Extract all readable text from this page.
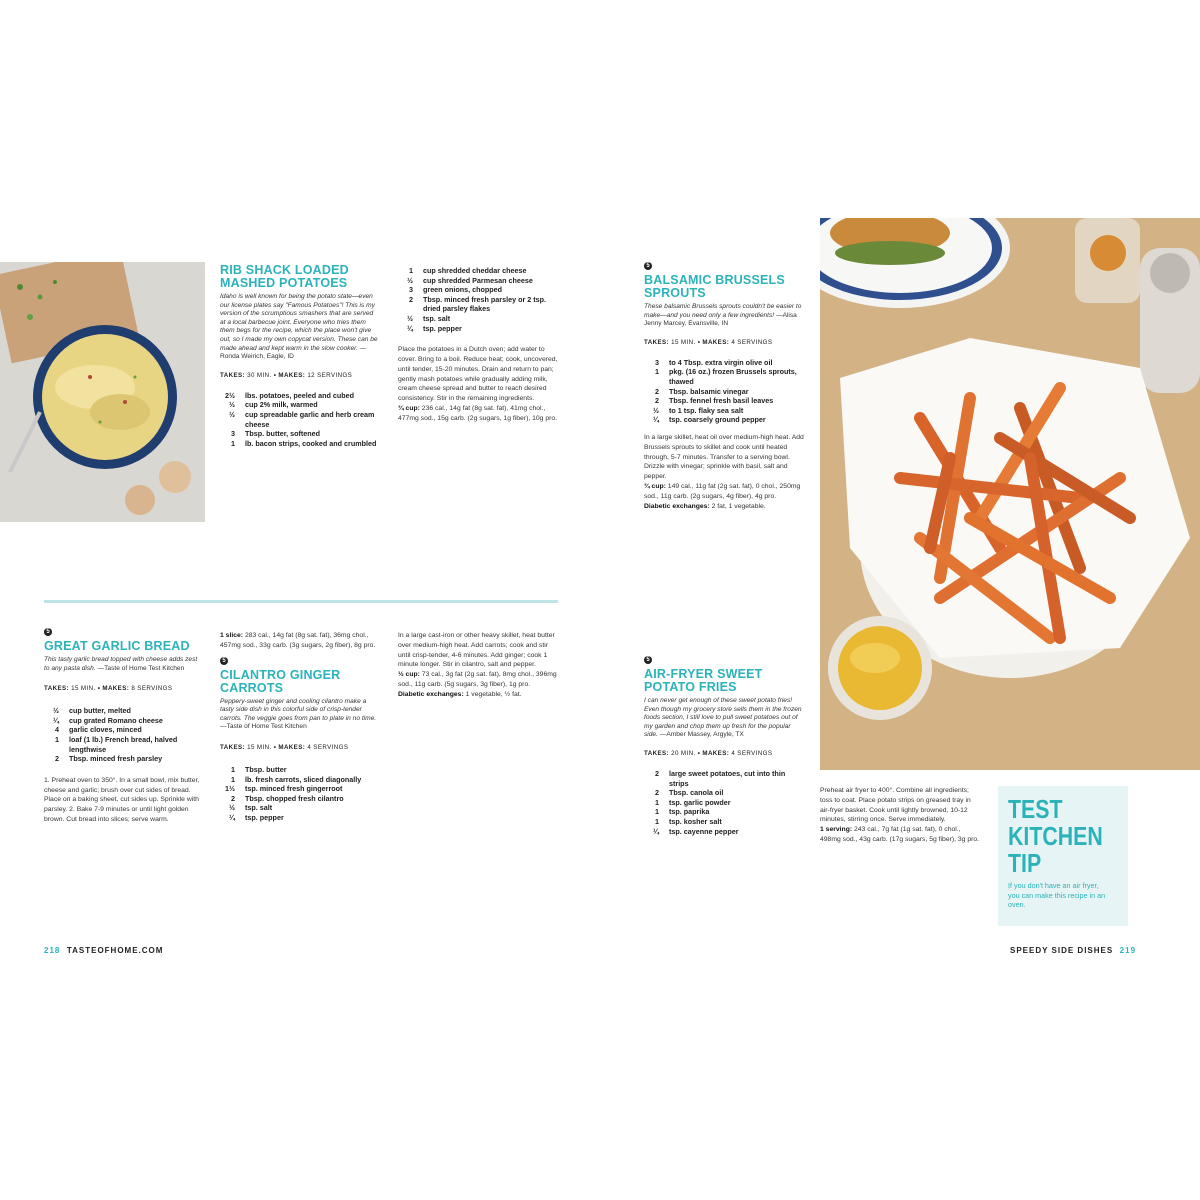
RIB SHACK LOADED MASHED POTATOES
Idaho is well known for being the potato state—even our license plates say "Famous Potatoes"! This is my version of the scrumptious smashers that are served at a local barbecue joint. Everyone who tries them them begs for the recipe, which the place won't give out, so I made my own copycat version. These can be made ahead and kept warm in the slow cooker. —Ronda Weirich, Eagle, ID
TAKES: 30 MIN. • MAKES: 12 SERVINGS
2½	lbs. potatoes, peeled and cubed
½	cup 2% milk, warmed
½	cup spreadable garlic and herb cream cheese
3	Tbsp. butter, softened
1	lb. bacon strips, cooked and crumbled
1	cup shredded cheddar cheese
½	cup shredded Parmesan cheese
3	green onions, chopped
2	Tbsp. minced fresh parsley or 2 tsp. dried parsley flakes
½	tsp. salt
¼	tsp. pepper
Place the potatoes in a Dutch oven; add water to cover. Bring to a boil. Reduce heat; cook, uncovered, until tender, 15-20 minutes. Drain and return to pan; gently mash potatoes while gradually adding milk, cream cheese spread and butter to reach desired consistency. Stir in the remaining ingredients.
¾ cup: 236 cal., 14g fat (8g sat. fat), 41mg chol., 477mg sod., 15g carb. (2g sugars, 1g fiber), 10g pro.
5
GREAT GARLIC BREAD
This tasty garlic bread topped with cheese adds zest to any pasta dish. —Taste of Home Test Kitchen
TAKES: 15 MIN. • MAKES: 8 SERVINGS
½	cup butter, melted
¼	cup grated Romano cheese
4	garlic cloves, minced
1	loaf (1 lb.) French bread, halved lengthwise
2	Tbsp. minced fresh parsley
1. Preheat oven to 350°. In a small bowl, mix butter, cheese and garlic; brush over cut sides of bread. Place on a baking sheet, cut sides up. Sprinkle with parsley. 2. Bake 7-9 minutes or until light golden brown. Cut bread into slices; serve warm.
1 slice: 283 cal., 14g fat (8g sat. fat), 36mg chol., 457mg sod., 33g carb. (3g sugars, 2g fiber), 8g pro.
5
CILANTRO GINGER CARROTS
Peppery-sweet ginger and cooling cilantro make a tasty side dish in this colorful side of crisp-tender carrots. The veggie goes from pan to plate in no time. —Taste of Home Test Kitchen
TAKES: 15 MIN. • MAKES: 4 SERVINGS
1	Tbsp. butter
1	lb. fresh carrots, sliced diagonally
1½	tsp. minced fresh gingerroot
2	Tbsp. chopped fresh cilantro
½	tsp. salt
¼	tsp. pepper
In a large cast-iron or other heavy skillet, heat butter over medium-high heat. Add carrots; cook and stir until crisp-tender, 4-6 minutes. Add ginger; cook 1 minute longer. Stir in cilantro, salt and pepper.
½ cup: 73 cal., 3g fat (2g sat. fat), 8mg chol., 396mg sod., 11g carb. (5g sugars, 3g fiber), 1g pro. Diabetic exchanges: 1 vegetable, ½ fat.
218 TASTEOFHOME.COM
5
BALSAMIC BRUSSELS SPROUTS
These balsamic Brussels sprouts couldn't be easier to make—and you need only a few ingredients! —Alisa Jenny Marcey, Evansville, IN
TAKES: 15 MIN. • MAKES: 4 SERVINGS
3	to 4 Tbsp. extra virgin olive oil
1	pkg. (16 oz.) frozen Brussels sprouts, thawed
2	Tbsp. balsamic vinegar
2	Tbsp. fennel fresh basil leaves
½	to 1 tsp. flaky sea salt
¼	tsp. coarsely ground pepper
In a large skillet, heat oil over medium-high heat. Add Brussels sprouts to skillet and cook until heated through, 5-7 minutes. Transfer to a serving bowl. Drizzle with vinegar; sprinkle with basil, salt and pepper.
¾ cup: 149 cal., 11g fat (2g sat. fat), 0 chol., 250mg sod., 11g carb. (2g sugars, 4g fiber), 4g pro. Diabetic exchanges: 2 fat, 1 vegetable.
5
AIR-FRYER SWEET POTATO FRIES
I can never get enough of these sweet potato fries! Even though my grocery store sells them in the frozen foods section, I still love to pull sweet potatoes out of my garden and chop them up fresh for the popular side. —Amber Massey, Argyle, TX
TAKES: 20 MIN. • MAKES: 4 SERVINGS
2	large sweet potatoes, cut into thin strips
2	Tbsp. canola oil
1	tsp. garlic powder
1	tsp. paprika
1	tsp. kosher salt
¼	tsp. cayenne pepper
Preheat air fryer to 400°. Combine all ingredients; toss to coat. Place potato strips on greased tray in air-fryer basket. Cook until lightly browned, 10-12 minutes, stirring once. Serve immediately.
1 serving: 243 cal., 7g fat (1g sat. fat), 0 chol., 498mg sod., 43g carb. (17g sugars, 5g fiber), 3g pro.
TEST
KITCHEN
TIP
If you don't have an air fryer, you can make this recipe in an oven.
SPEEDY SIDE DISHES 219
